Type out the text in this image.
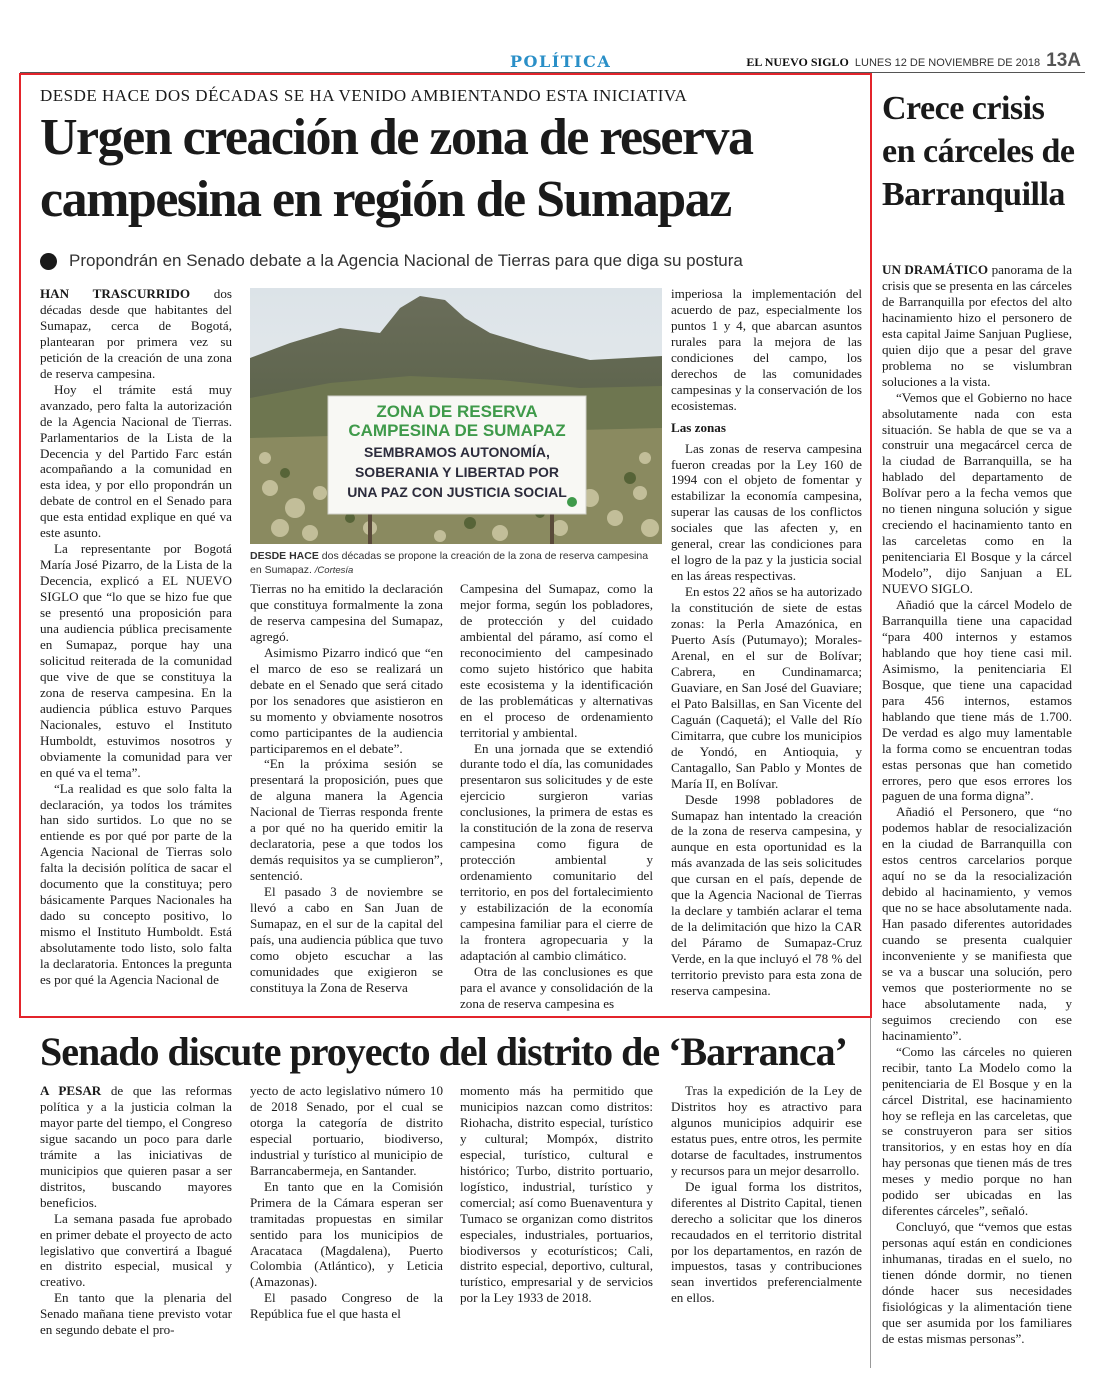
POLÍTICA	EL NUEVO SIGLO LUNES 12 DE NOVIEMBRE DE 2018 13A
DESDE HACE DOS DÉCADAS SE HA VENIDO AMBIENTANDO ESTA INICIATIVA
Urgen creación de zona de reserva campesina en región de Sumapaz
Propondrán en Senado debate a la Agencia Nacional de Tierras para que diga su postura

HAN TRASCURRIDO dos décadas desde que habitantes del Sumapaz, cerca de Bogotá, plantearan por primera vez su petición de la creación de una zona de reserva campesina.

Hoy el trámite está muy avanzado, pero falta la autorización de la Agencia Nacional de Tierras. Parlamentarios de la Lista de la Decencia y del Partido Farc están acompañando a la comunidad en esta idea, y por ello propondrán un debate de control en el Senado para que esta entidad explique en qué va este asunto.

La representante por Bogotá María José Pizarro, de la Lista de la Decencia, explicó a EL NUEVO SIGLO que “lo que se hizo fue que se presentó una proposición para una audiencia pública precisamente en Sumapaz, porque hay una solicitud reiterada de la comunidad que vive de que se constituya la zona de reserva campesina. En la audiencia pública estuvo Parques Nacionales, estuvo el Instituto Humboldt, estuvimos nosotros y obviamente la comunidad para ver en qué va el tema”.

“La realidad es que solo falta la declaración, ya todos los trámites han sido surtidos. Lo que no se entiende es por qué por parte de la Agencia Nacional de Tierras solo falta la decisión política de sacar el documento que la constituya; pero básicamente Parques Nacionales ha dado su concepto positivo, lo mismo el Instituto Humboldt. Está absolutamente todo listo, solo falta la declaratoria. Entonces la pregunta es por qué la Agencia Nacional de

ZONA DE RESERVA
CAMPESINA DE SUMAPAZ
SEMBRAMOS AUTONOMÍA,
SOBERANIA Y LIBERTAD POR
UNA PAZ CON JUSTICIA SOCIAL
DESDE HACE dos décadas se propone la creación de la zona de reserva campesina en Sumapaz. /Cortesía

Tierras no ha emitido la declaración que constituya formalmente la zona de reserva campesina del Sumapaz, agregó.

Asimismo Pizarro indicó que “en el marco de eso se realizará un debate en el Senado que será citado por los senadores que asistieron en su momento y obviamente nosotros como participantes de la audiencia participaremos en el debate”.

“En la próxima sesión se presentará la proposición, pues que de alguna manera la Agencia Nacional de Tierras responda frente a por qué no ha querido emitir la declaratoria, pese a que todos los demás requisitos ya se cumplieron”, sentenció.

El pasado 3 de noviembre se llevó a cabo en San Juan de Sumapaz, en el sur de la capital del país, una audiencia pública que tuvo como objeto escuchar a las comunidades que exigieron se constituya la Zona de Reserva

Campesina del Sumapaz, como la mejor forma, según los pobladores, de protección y del cuidado ambiental del páramo, así como el reconocimiento del campesinado como sujeto histórico que habita este ecosistema y la identificación de las problemáticas y alternativas en el proceso de ordenamiento territorial y ambiental.

En una jornada que se extendió durante todo el día, las comunidades presentaron sus solicitudes y de este ejercicio surgieron varias conclusiones, la primera de estas es la constitución de la zona de reserva campesina como figura de protección ambiental y ordenamiento comunitario del territorio, en pos del fortalecimiento y estabilización de la economía campesina familiar para el cierre de la frontera agropecuaria y la adaptación al cambio climático.

Otra de las conclusiones es que para el avance y consolidación de la zona de reserva campesina es

imperiosa la implementación del acuerdo de paz, especialmente los puntos 1 y 4, que abarcan asuntos rurales para la mejora de las condiciones del campo, los derechos de las comunidades campesinas y la conservación de los ecosistemas.

Las zonas

Las zonas de reserva campesina fueron creadas por la Ley 160 de 1994 con el objeto de fomentar y estabilizar la economía campesina, superar las causas de los conflictos sociales que las afecten y, en general, crear las condiciones para el logro de la paz y la justicia social en las áreas respectivas.

En estos 22 años se ha autorizado la constitución de siete de estas zonas: la Perla Amazónica, en Puerto Asís (Putumayo); Morales-Arenal, en el sur de Bolívar; Cabrera, en Cundinamarca; Guaviare, en San José del Guaviare; el Pato Balsillas, en San Vicente del Caguán (Caquetá); el Valle del Río Cimitarra, que cubre los municipios de Yondó, en Antioquia, y Cantagallo, San Pablo y Montes de María II, en Bolívar.

Desde 1998 pobladores de Sumapaz han intentado la creación de la zona de reserva campesina, y aunque en esta oportunidad es la más avanzada de las seis solicitudes que cursan en el país, depende de que la Agencia Nacional de Tierras la declare y también aclarar el tema de la delimitación que hizo la CAR del Páramo de Sumapaz-Cruz Verde, en la que incluyó el 78 % del territorio previsto para esta zona de reserva campesina.

Crece crisis en cárceles de Barranquilla

UN DRAMÁTICO panorama de la crisis que se presenta en las cárceles de Barranquilla por efectos del alto hacinamiento hizo el personero de esta capital Jaime Sanjuan Pugliese, quien dijo que a pesar del grave problema no se vislumbran soluciones a la vista.

“Vemos que el Gobierno no hace absolutamente nada con esta situación. Se habla de que se va a construir una megacárcel cerca de la ciudad de Barranquilla, se ha hablado del departamento de Bolívar pero a la fecha vemos que no tienen ninguna solución y sigue creciendo el hacinamiento tanto en las carceletas como en la penitenciaria El Bosque y la cárcel Modelo”, dijo Sanjuan a EL NUEVO SIGLO.

Añadió que la cárcel Modelo de Barranquilla tiene una capacidad “para 400 internos y estamos hablando que hoy tiene casi mil. Asimismo, la penitenciaria El Bosque, que tiene una capacidad para 456 internos, estamos hablando que tiene más de 1.700. De verdad es algo muy lamentable la forma como se encuentran todas estas personas que han cometido errores, pero que esos errores los paguen de una forma digna”.

Añadió el Personero, que “no podemos hablar de resocialización en la ciudad de Barranquilla con estos centros carcelarios porque aquí no se da la resocialización debido al hacinamiento, y vemos que no se hace absolutamente nada. Han pasado diferentes autoridades cuando se presenta cualquier inconveniente y se manifiesta que se va a buscar una solución, pero vemos que posteriormente no se hace absolutamente nada, y seguimos creciendo con ese hacinamiento”.

“Como las cárceles no quieren recibir, tanto La Modelo como la penitenciaria de El Bosque y en la cárcel Distrital, ese hacinamiento hoy se refleja en las carceletas, que se construyeron para ser sitios transitorios, y en estas hoy en día hay personas que tienen más de tres meses y medio porque no han podido ser ubicadas en las diferentes cárceles”, señaló.

Concluyó, que “vemos que estas personas aquí están en condiciones inhumanas, tiradas en el suelo, no tienen dónde dormir, no tienen dónde hacer sus necesidades fisiológicas y la alimentación tiene que ser asumida por los familiares de estas mismas personas”.

Senado discute proyecto del distrito de ‘Barranca’

A PESAR de que las reformas política y a la justicia colman la mayor parte del tiempo, el Congreso sigue sacando un poco para darle trámite a las iniciativas de municipios que quieren pasar a ser distritos, buscando mayores beneficios.

La semana pasada fue aprobado en primer debate el proyecto de acto legislativo que convertirá a Ibagué en distrito especial, musical y creativo.

En tanto que la plenaria del Senado mañana tiene previsto votar en segundo debate el pro-

yecto de acto legislativo número 10 de 2018 Senado, por el cual se otorga la categoría de distrito especial portuario, biodiverso, industrial y turístico al municipio de Barrancabermeja, en Santander.

En tanto que en la Comisión Primera de la Cámara esperan ser tramitadas propuestas en similar sentido para los municipios de Aracataca (Magdalena), Puerto Colombia (Atlántico), y Leticia (Amazonas).

El pasado Congreso de la República fue el que hasta el

momento más ha permitido que municipios nazcan como distritos: Riohacha, distrito especial, turístico y cultural; Mompóx, distrito especial, turístico, cultural e histórico; Turbo, distrito portuario, logístico, industrial, turístico y comercial; así como Buenaventura y Tumaco se organizan como distritos especiales, industriales, portuarios, biodiversos y ecoturísticos; Cali, distrito especial, deportivo, cultural, turístico, empresarial y de servicios por la Ley 1933 de 2018.

Tras la expedición de la Ley de Distritos hoy es atractivo para algunos municipios adquirir ese estatus pues, entre otros, les permite dotarse de facultades, instrumentos y recursos para un mejor desarrollo.

De igual forma los distritos, diferentes al Distrito Capital, tienen derecho a solicitar que los dineros recaudados en el territorio distrital por los departamentos, en razón de impuestos, tasas y contribuciones sean invertidos preferencialmente en ellos.
